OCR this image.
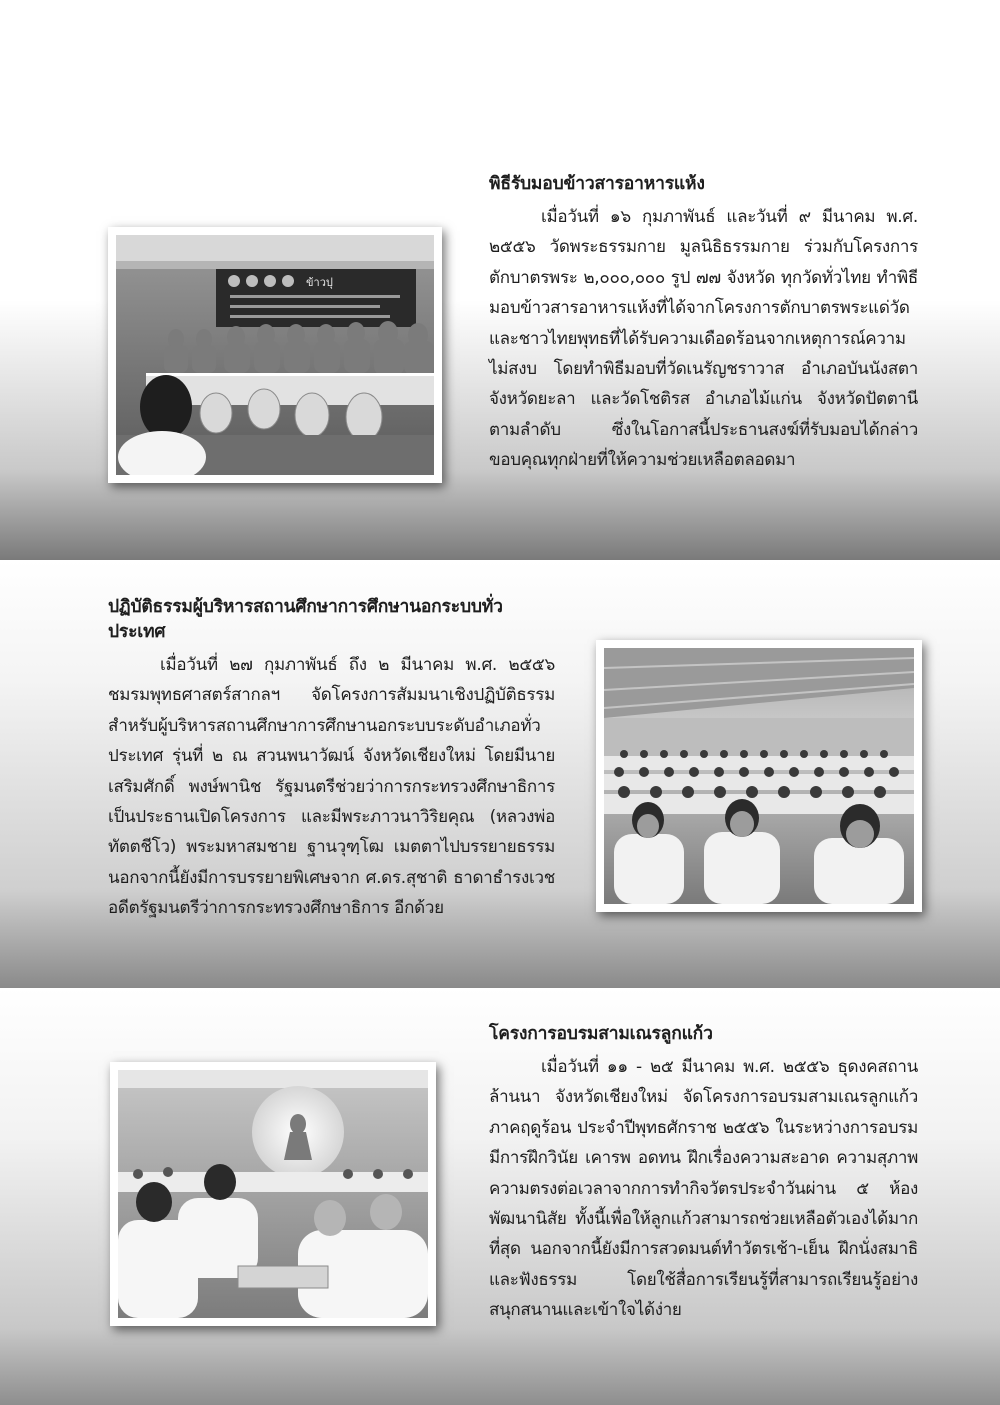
ข้าวปุ
พิธีรับมอบข้าวสารอาหารแห้ง

เมื่อวันที่ ๑๖ กุมภาพันธ์ และวันที่ ๙ มีนาคม พ.ศ. ๒๕๕๖ วัดพระธรรมกาย มูลนิธิธรรมกาย ร่วมกับโครงการตักบาตรพระ ๒,๐๐๐,๐๐๐ รูป ๗๗ จังหวัด ทุกวัดทั่วไทย ทำพิธีมอบข้าวสารอาหารแห้งที่ได้จากโครงการตักบาตรพระแด่วัดและชาวไทยพุทธที่ได้รับความเดือดร้อนจากเหตุการณ์ความไม่สงบ โดยทำพิธีมอบที่วัดเนรัญชราวาส อำเภอบันนังสตา จังหวัดยะลา และวัดโชติรส อำเภอไม้แก่น จังหวัดปัตตานี ตามลำดับ ซึ่งในโอกาสนี้ประธานสงฆ์ที่รับมอบได้กล่าวขอบคุณทุกฝ่ายที่ให้ความช่วยเหลือตลอดมา

ปฏิบัติธรรมผู้บริหารสถานศึกษาการศึกษานอกระบบทั่วประเทศ

เมื่อวันที่ ๒๗ กุมภาพันธ์ ถึง ๒ มีนาคม พ.ศ. ๒๕๕๖ ชมรมพุทธศาสตร์สากลฯ จัดโครงการสัมมนาเชิงปฏิบัติธรรมสำหรับผู้บริหารสถานศึกษาการศึกษานอกระบบระดับอำเภอทั่วประเทศ รุ่นที่ ๒ ณ สวนพนาวัฒน์ จังหวัดเชียงใหม่ โดยมีนายเสริมศักดิ์ พงษ์พานิช รัฐมนตรีช่วยว่าการกระทรวงศึกษาธิการ เป็นประธานเปิดโครงการ และมีพระภาวนาวิริยคุณ (หลวงพ่อทัตตชีโว) พระมหาสมชาย ฐานวุฑฺโฒ เมตตาไปบรรยายธรรม นอกจากนี้ยังมีการบรรยายพิเศษจาก ศ.ดร.สุชาติ ธาดาธำรงเวช อดีตรัฐมนตรีว่าการกระทรวงศึกษาธิการ อีกด้วย

โครงการอบรมสามเณรลูกแก้ว

เมื่อวันที่ ๑๑ - ๒๕ มีนาคม พ.ศ. ๒๕๕๖ ธุดงคสถานล้านนา จังหวัดเชียงใหม่ จัดโครงการอบรมสามเณรลูกแก้วภาคฤดูร้อน ประจำปีพุทธศักราช ๒๕๕๖ ในระหว่างการอบรมมีการฝึกวินัย เคารพ อดทน ฝึกเรื่องความสะอาด ความสุภาพ ความตรงต่อเวลาจากการทำกิจวัตรประจำวันผ่าน ๕ ห้องพัฒนานิสัย ทั้งนี้เพื่อให้ลูกแก้วสามารถช่วยเหลือตัวเองได้มากที่สุด นอกจากนี้ยังมีการสวดมนต์ทำวัตรเช้า-เย็น ฝึกนั่งสมาธิ และฟังธรรม โดยใช้สื่อการเรียนรู้ที่สามารถเรียนรู้อย่างสนุกสนานและเข้าใจได้ง่าย
